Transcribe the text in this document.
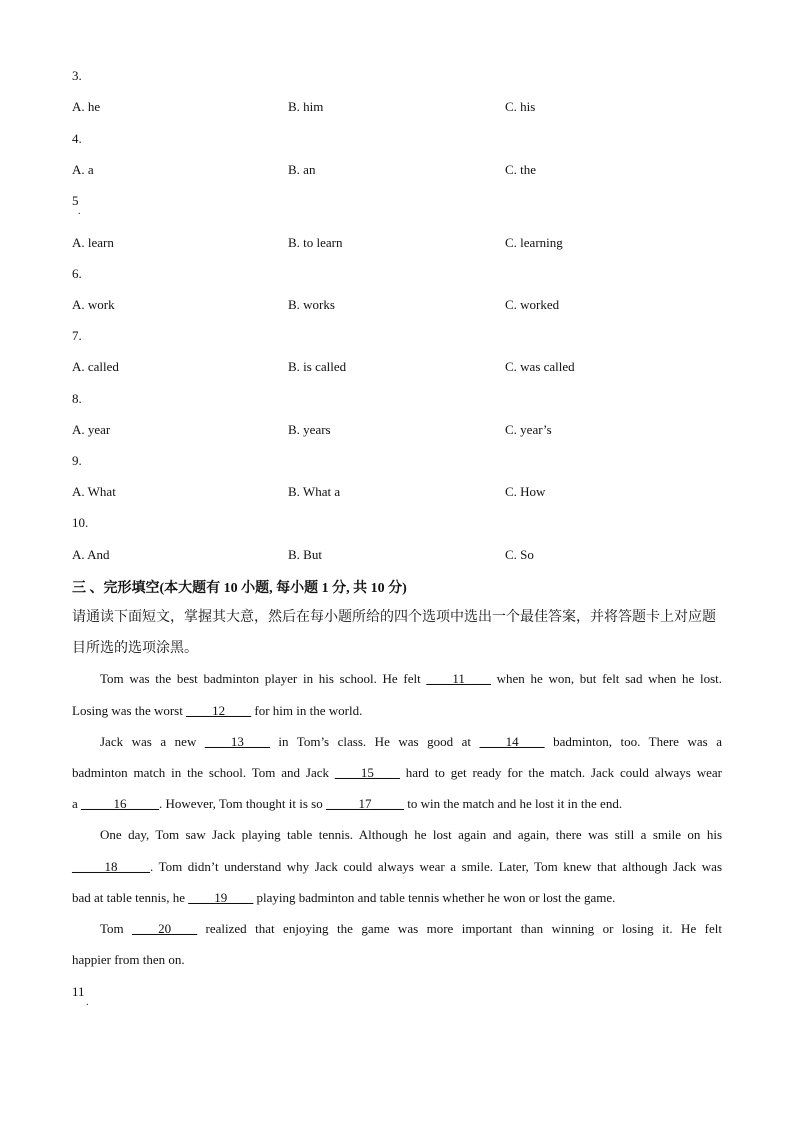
3.
A. he	B. him	C. his
4.
A. a	B. an	C. the
5
.
A. learn	B. to learn	C. learning
6.
A. work	B. works	C. worked
7.
A. called	B. is called	C. was called
8.
A. year	B. years	C. year’s
9.
A. What	B. What a	C. How
10.
A. And	B. But	C. So
三 、完形填空(本大题有 10 小题, 每小题 1 分, 共 10 分)
请通读下面短文，掌握其大意，然后在每小题所给的四个选项中选出一个最佳答案，并将答题卡上对应题目所选的选项涂黑。
Tom was the best badminton player in his school. He felt ____11____ when he won, but felt sad when he lost.
Losing was the worst ____12____ for him in the world.
Jack was a new ____13____ in Tom’s class. He was good at ____14____ badminton, too. There was a
badminton match in the school. Tom and Jack ____15____ hard to get ready for the match. Jack could always wear
a _____16_____. However, Tom thought it is so _____17_____ to win the match and he lost it in the end.
One day, Tom saw Jack playing table tennis. Although he lost again and again, there was still a smile on his
_____18_____. Tom didn’t understand why Jack could always wear a smile. Later, Tom knew that although Jack was
bad at table tennis, he ____19____ playing badminton and table tennis whether he won or lost the game.
Tom ____20____ realized that enjoying the game was more important than winning or losing it. He felt
happier from then on.
11
.
